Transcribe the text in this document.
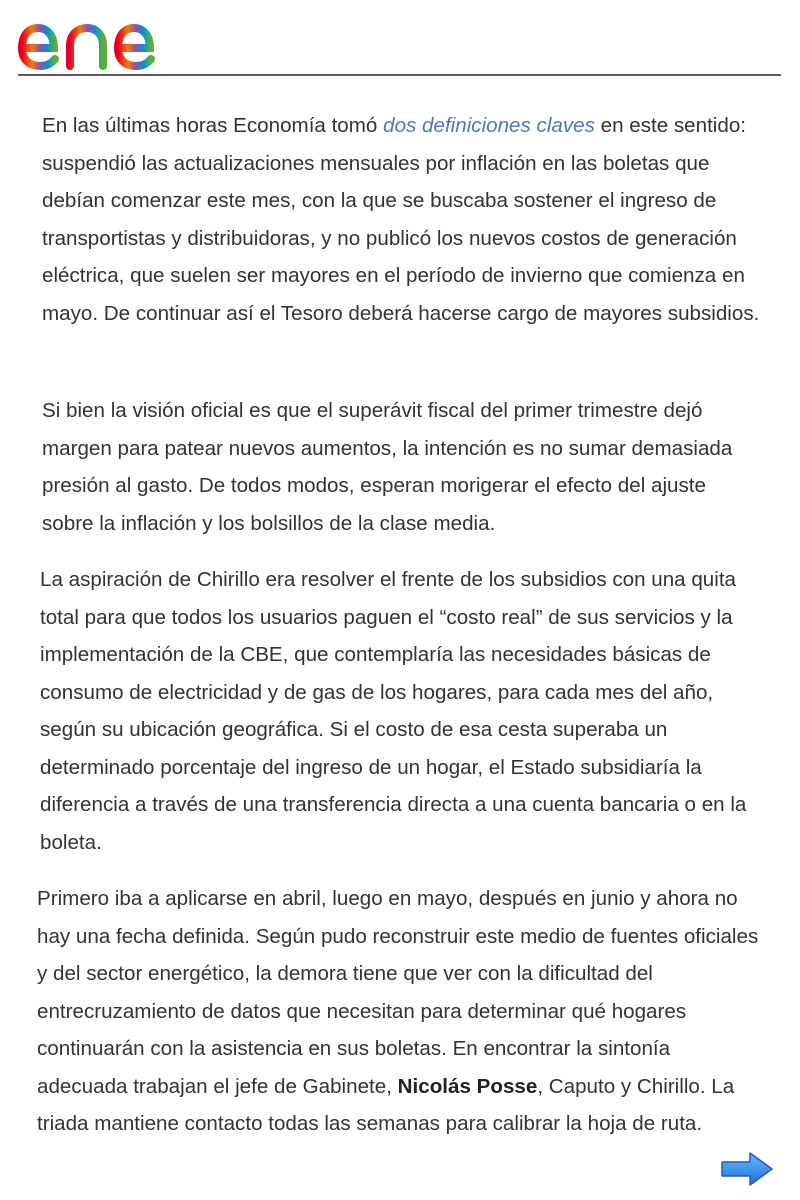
En las últimas horas Economía tomó dos definiciones claves en este sentido: suspendió las actualizaciones mensuales por inflación en las boletas que debían comenzar este mes, con la que se buscaba sostener el ingreso de transportistas y distribuidoras, y no publicó los nuevos costos de generación eléctrica, que suelen ser mayores en el período de invierno que comienza en mayo. De continuar así el Tesoro deberá hacerse cargo de mayores subsidios.

Si bien la visión oficial es que el superávit fiscal del primer trimestre dejó margen para patear nuevos aumentos, la intención es no sumar demasiada presión al gasto. De todos modos, esperan morigerar el efecto del ajuste sobre la inflación y los bolsillos de la clase media.

La aspiración de Chirillo era resolver el frente de los subsidios con una quita total para que todos los usuarios paguen el “costo real” de sus servicios y la implementación de la CBE, que contemplaría las necesidades básicas de consumo de electricidad y de gas de los hogares, para cada mes del año, según su ubicación geográfica. Si el costo de esa cesta superaba un determinado porcentaje del ingreso de un hogar, el Estado subsidiaría la diferencia a través de una transferencia directa a una cuenta bancaria o en la boleta.

Primero iba a aplicarse en abril, luego en mayo, después en junio y ahora no hay una fecha definida. Según pudo reconstruir este medio de fuentes oficiales y del sector energético, la demora tiene que ver con la dificultad del entrecruzamiento de datos que necesitan para determinar qué hogares continuarán con la asistencia en sus boletas. En encontrar la sintonía adecuada trabajan el jefe de Gabinete, Nicolás Posse, Caputo y Chirillo. La triada mantiene contacto todas las semanas para calibrar la hoja de ruta.
